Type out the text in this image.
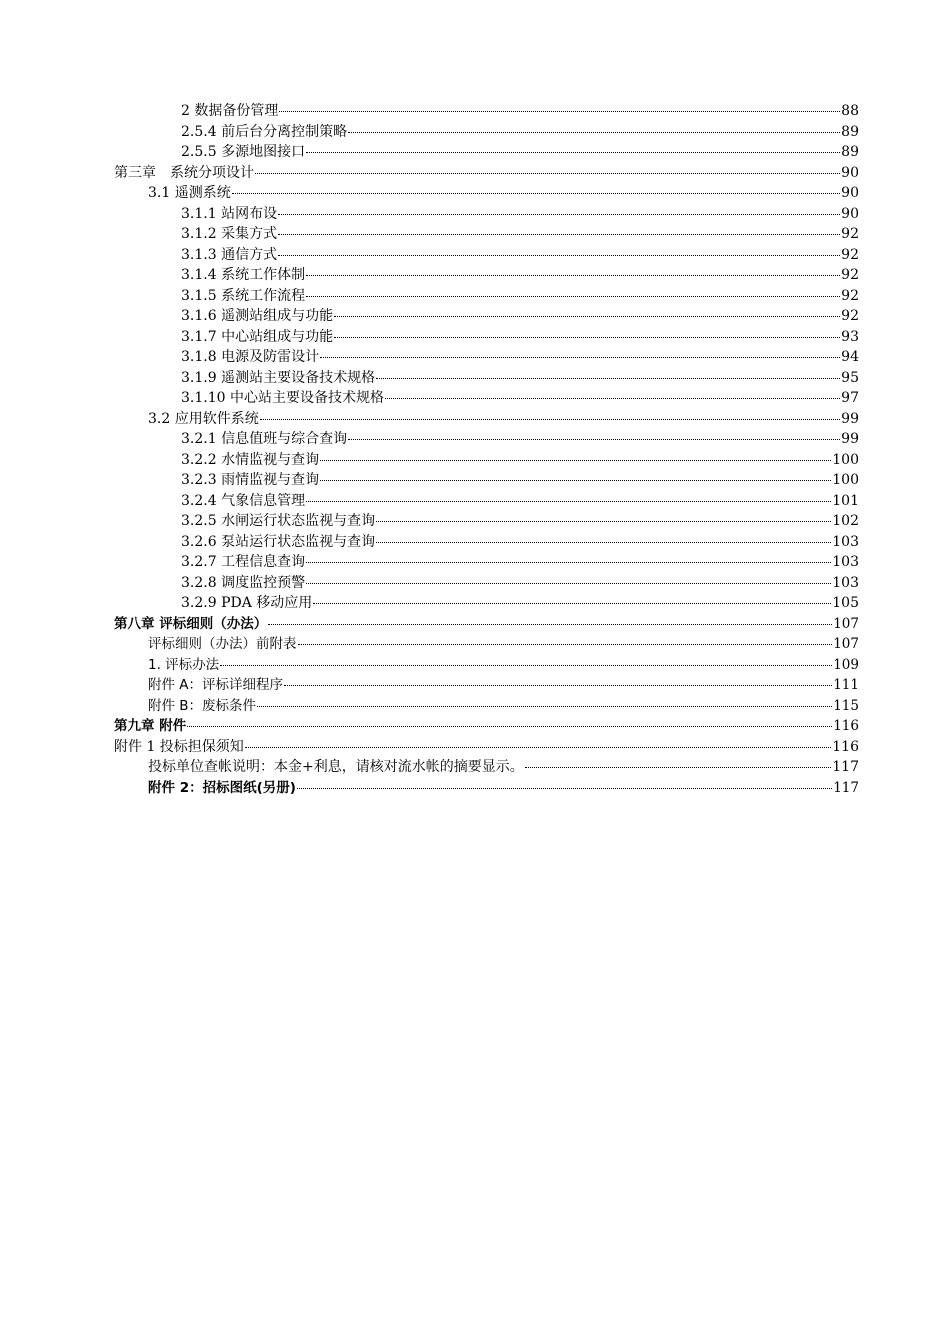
2 数据备份管理	88
2.5.4 前后台分离控制策略	89
2.5.5 多源地图接口	89
第三章　系统分项设计	90
3.1 遥测系统	90
3.1.1 站网布设	90
3.1.2 采集方式	92
3.1.3 通信方式	92
3.1.4 系统工作体制	92
3.1.5 系统工作流程	92
3.1.6 遥测站组成与功能	92
3.1.7 中心站组成与功能	93
3.1.8 电源及防雷设计	94
3.1.9 遥测站主要设备技术规格	95
3.1.10 中心站主要设备技术规格	97
3.2 应用软件系统	99
3.2.1 信息值班与综合查询	99
3.2.2 水情监视与查询	100
3.2.3 雨情监视与查询	100
3.2.4 气象信息管理	101
3.2.5 水闸运行状态监视与查询	102
3.2.6 泵站运行状态监视与查询	103
3.2.7 工程信息查询	103
3.2.8 调度监控预警	103
3.2.9 PDA 移动应用	105
第八章 评标细则（办法）	107
评标细则（办法）前附表	107
1. 评标办法	109
附件 A：评标详细程序	111
附件 B：废标条件	115
第九章 附件	116
附件 1 投标担保须知	116
投标单位查帐说明：本金+利息，请核对流水帐的摘要显示。	117
附件 2：招标图纸(另册)	117
